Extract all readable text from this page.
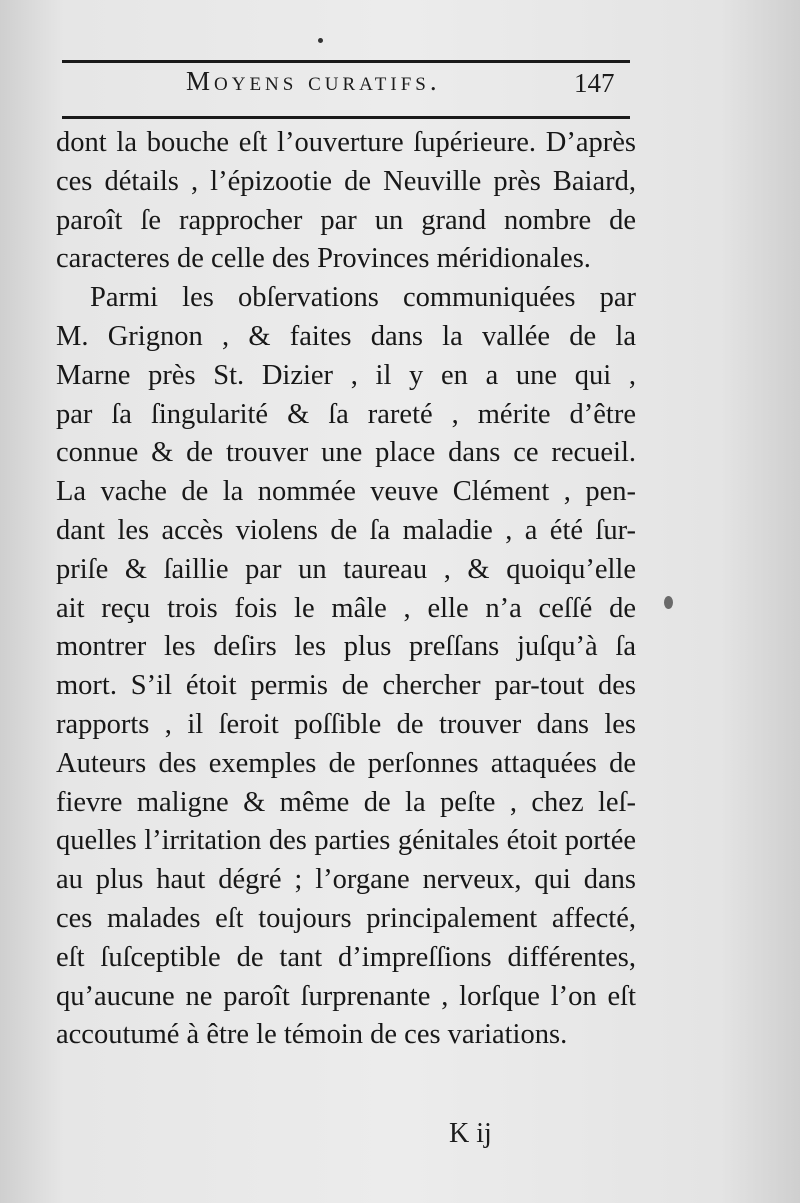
Moyens curatifs.	147
dont la bouche eſt l’ouverture ſupérieure. D’après
ces détails , l’épizootie de Neuville près Baiard,
paroît ſe rapprocher par un grand nombre de
caracteres de celle des Provinces méridionales.
Parmi les obſervations communiquées par
M. Grignon , & faites dans la vallée de la
Marne près St. Dizier , il y en a une qui ,
par ſa ſingularité & ſa rareté , mérite d’être
connue & de trouver une place dans ce recueil.
La vache de la nommée veuve Clément , pen-
dant les accès violens de ſa maladie , a été ſur-
priſe & ſaillie par un taureau , & quoiqu’elle
ait reçu trois fois le mâle , elle n’a ceſſé de
montrer les deſirs les plus preſſans juſqu’à ſa
mort. S’il étoit permis de chercher par-tout des
rapports , il ſeroit poſſible de trouver dans les
Auteurs des exemples de perſonnes attaquées de
fievre maligne & même de la peſte , chez leſ-
quelles l’irritation des parties génitales étoit portée
au plus haut dégré ; l’organe nerveux, qui dans
ces malades eſt toujours principalement affecté,
eſt ſuſceptible de tant d’impreſſions différentes,
qu’aucune ne paroît ſurprenante , lorſque l’on eſt
accoutumé à être le témoin de ces variations.
K ij
